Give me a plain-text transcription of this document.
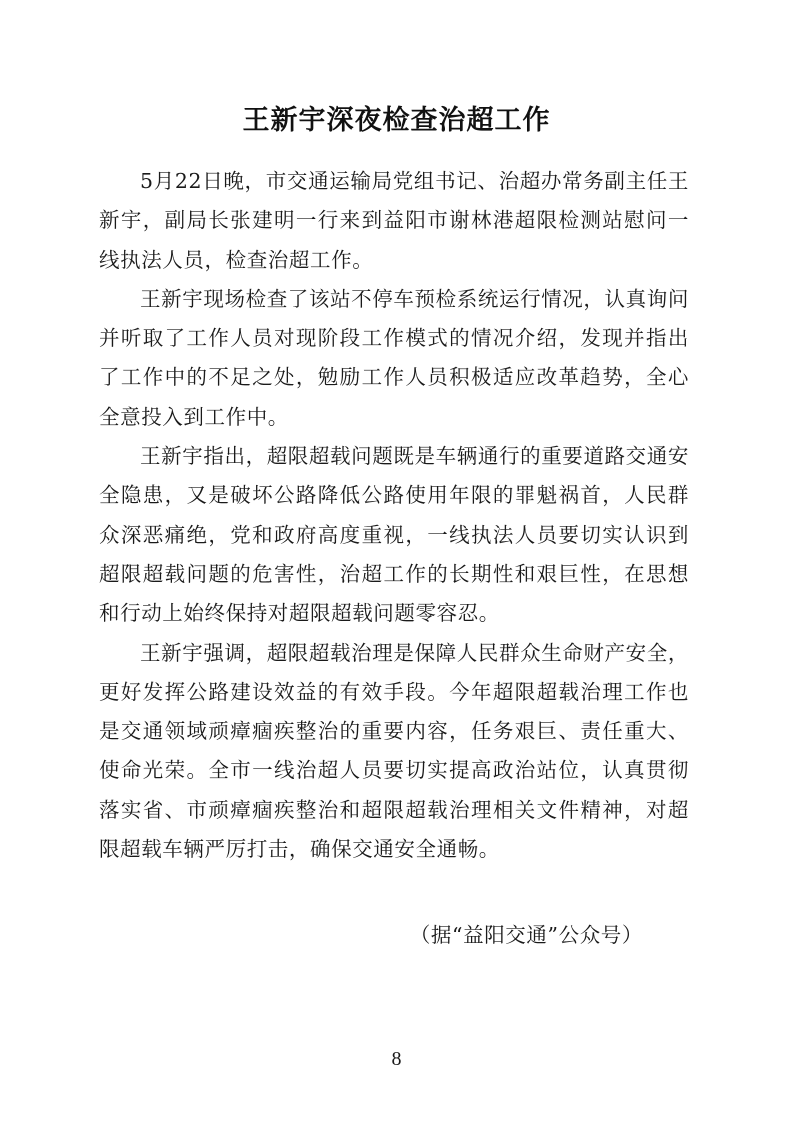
王新宇深夜检查治超工作

5月22日晚，市交通运输局党组书记、治超办常务副主任王新宇，副局长张建明一行来到益阳市谢林港超限检测站慰问一线执法人员，检查治超工作。

王新宇现场检查了该站不停车预检系统运行情况，认真询问并听取了工作人员对现阶段工作模式的情况介绍，发现并指出了工作中的不足之处，勉励工作人员积极适应改革趋势，全心全意投入到工作中。

王新宇指出，超限超载问题既是车辆通行的重要道路交通安全隐患，又是破坏公路降低公路使用年限的罪魁祸首，人民群众深恶痛绝，党和政府高度重视，一线执法人员要切实认识到超限超载问题的危害性，治超工作的长期性和艰巨性，在思想和行动上始终保持对超限超载问题零容忍。

王新宇强调，超限超载治理是保障人民群众生命财产安全，更好发挥公路建设效益的有效手段。今年超限超载治理工作也是交通领域顽瘴痼疾整治的重要内容，任务艰巨、责任重大、使命光荣。全市一线治超人员要切实提高政治站位，认真贯彻落实省、市顽瘴痼疾整治和超限超载治理相关文件精神，对超限超载车辆严厉打击，确保交通安全通畅。

（据“益阳交通”公众号）

8
